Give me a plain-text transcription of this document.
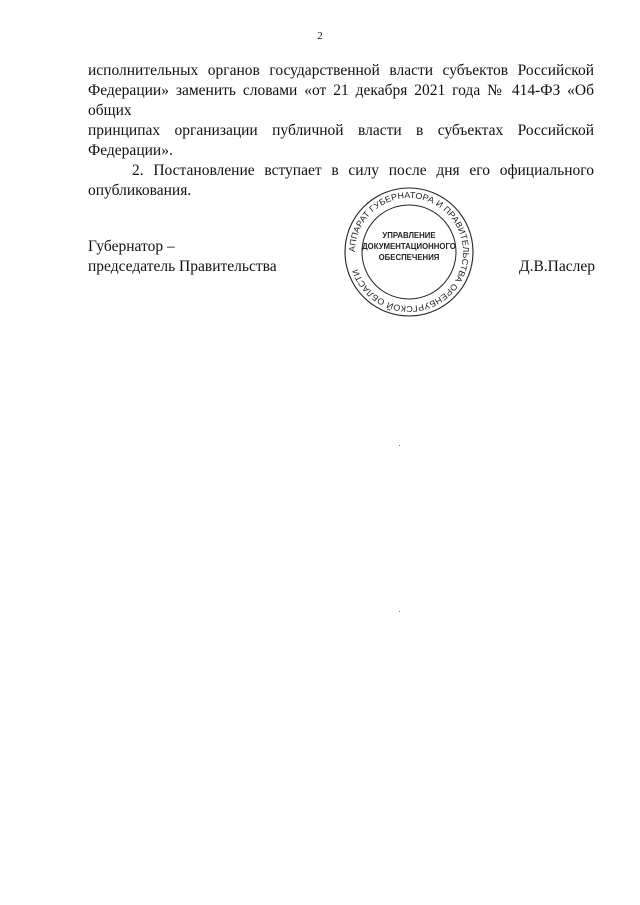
2

исполнительных органов государственной власти субъектов Российской

Федерации» заменить словами «от 21 декабря 2021 года № 414-ФЗ «Об общих

принципах организации публичной власти в субъектах Российской

Федерации».

2. Постановление вступает в силу после дня его официального

опубликования.

Губернатор –
председатель Правительства	Д.В.Паслер
АППАРАТ ГУБЕРНАТОРА И ПРАВИТЕЛЬСТВА ОРЕНБУРГСКОЙ ОБЛАСТИ
УПРАВЛЕНИЕ
ДОКУМЕНТАЦИОННОГО
ОБЕСПЕЧЕНИЯ
